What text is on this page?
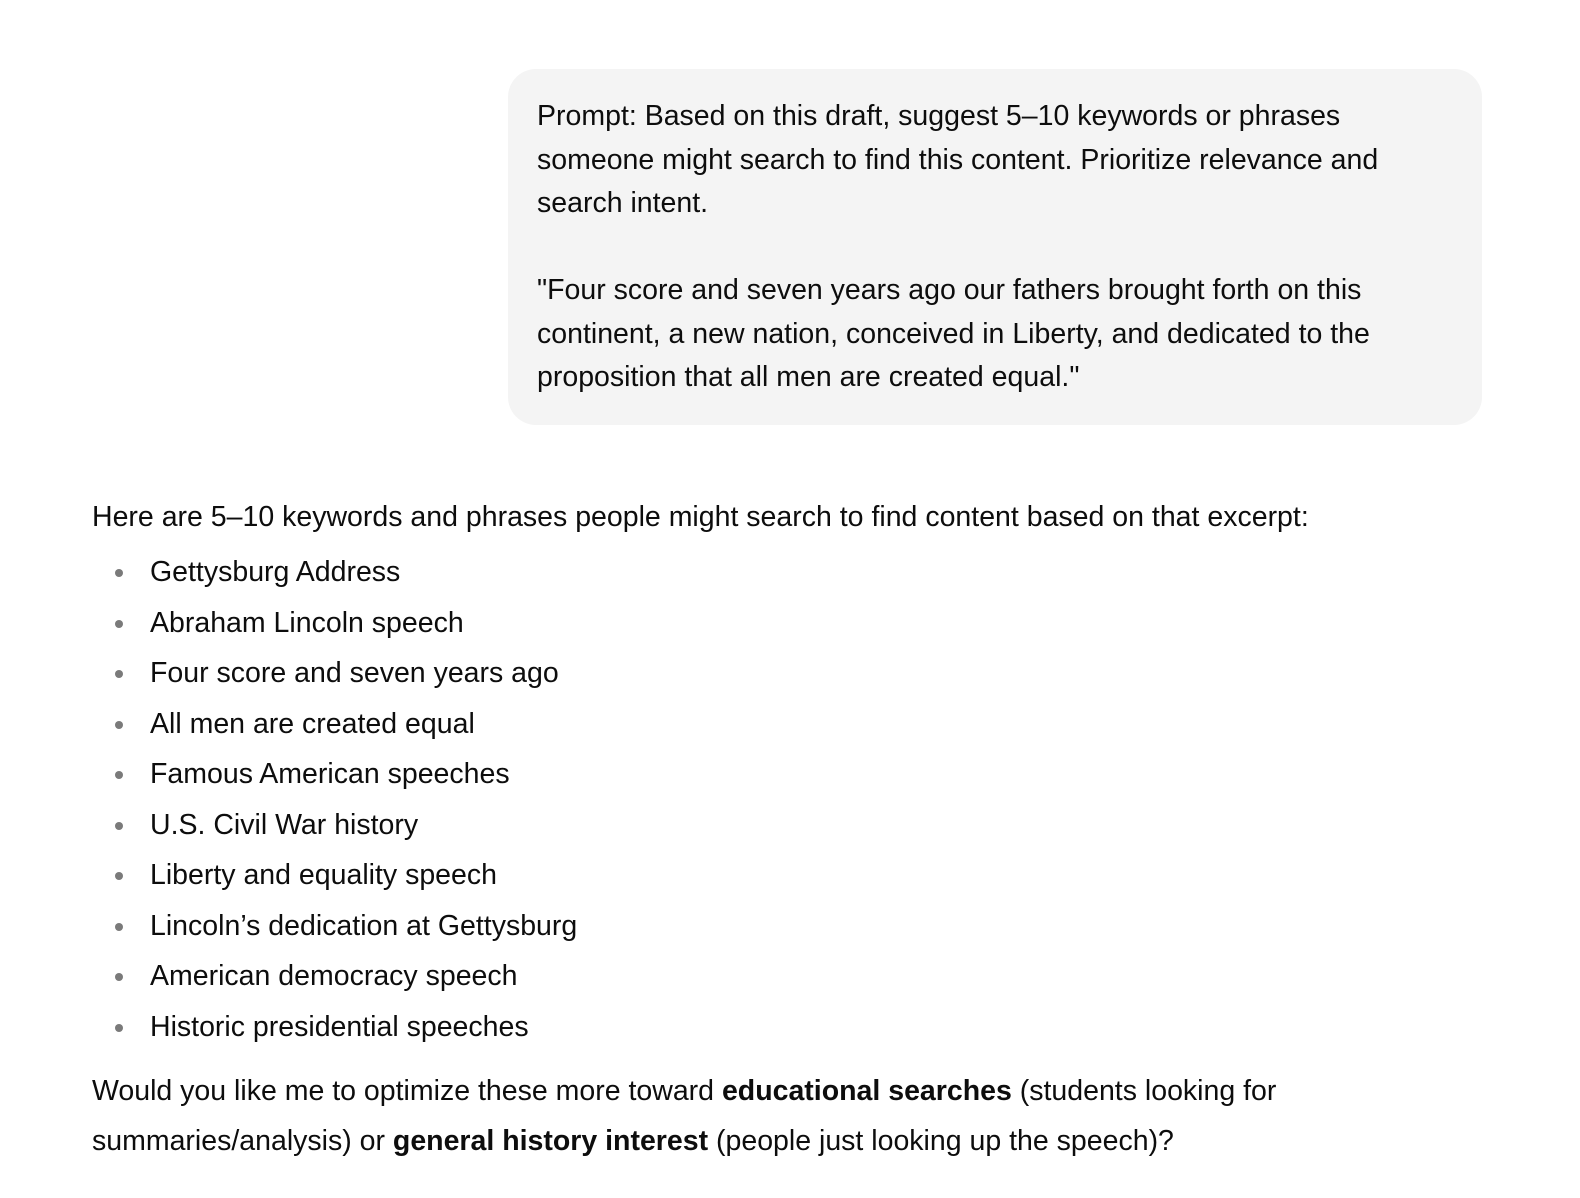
Prompt: Based on this draft, suggest 5–10 keywords or phrases someone might search to find this content. Prioritize relevance and search intent.

"Four score and seven years ago our fathers brought forth on this continent, a new nation, conceived in Liberty, and dedicated to the proposition that all men are created equal."

Here are 5–10 keywords and phrases people might search to find content based on that excerpt:

Gettysburg Address
Abraham Lincoln speech
Four score and seven years ago
All men are created equal
Famous American speeches
U.S. Civil War history
Liberty and equality speech
Lincoln’s dedication at Gettysburg
American democracy speech
Historic presidential speeches

Would you like me to optimize these more toward educational searches (students looking for summaries/analysis) or general history interest (people just looking up the speech)?
